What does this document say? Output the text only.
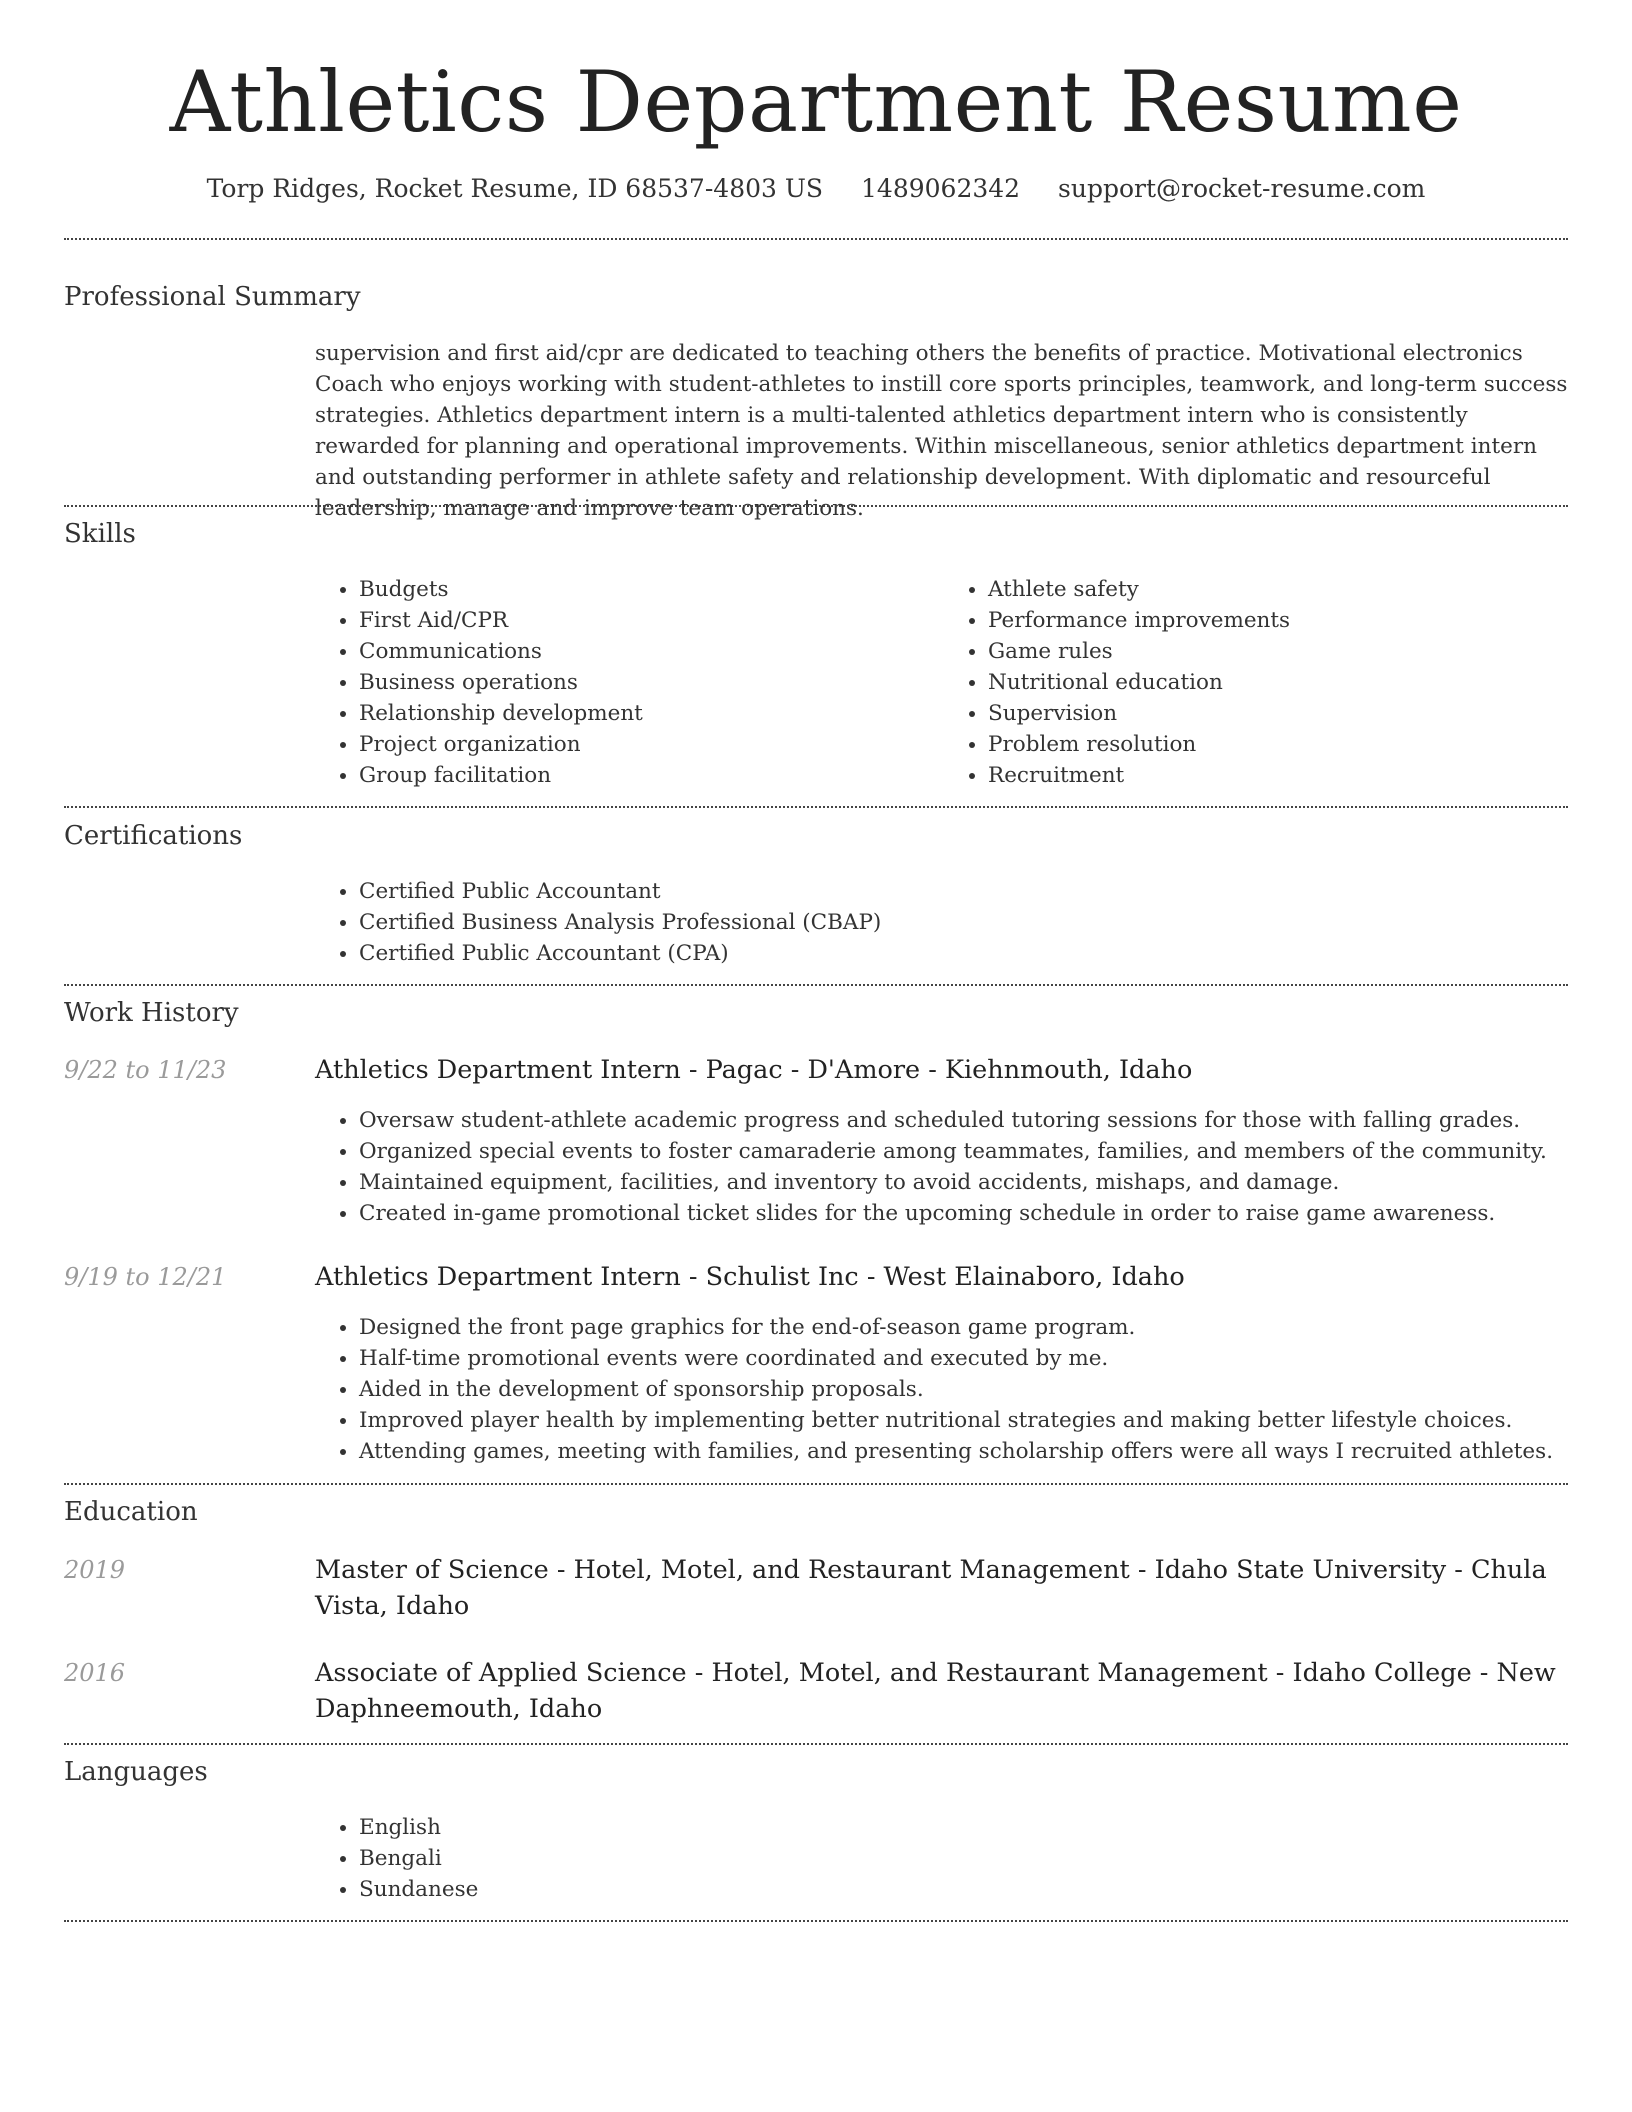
Athletics Department Resume
Torp Ridges, Rocket Resume, ID 68537-4803 US 1489062342 support@rocket-resume.com
Professional Summary

supervision and first aid/cpr are dedicated to teaching others the benefits of practice. Motivational electronics Coach who enjoys working with student-athletes to instill core sports principles, teamwork, and long-term success strategies. Athletics department intern is a multi-talented athletics department intern who is consistently rewarded for planning and operational improvements. Within miscellaneous, senior athletics department intern and outstanding performer in athlete safety and relationship development. With diplomatic and resourceful leadership, manage and improve team operations.

Skills
• Budgets
• First Aid/CPR
• Communications
• Business operations
• Relationship development
• Project organization
• Group facilitation
• Athlete safety
• Performance improvements
• Game rules
• Nutritional education
• Supervision
• Problem resolution
• Recruitment
Certifications
• Certified Public Accountant
• Certified Business Analysis Professional (CBAP)
• Certified Public Accountant (CPA)
Work History
9/22 to 11/23	Athletics Department Intern - Pagac - D'Amore - Kiehnmouth, Idaho
• Oversaw student-athlete academic progress and scheduled tutoring sessions for those with falling grades.
• Organized special events to foster camaraderie among teammates, families, and members of the community.
• Maintained equipment, facilities, and inventory to avoid accidents, mishaps, and damage.
• Created in-game promotional ticket slides for the upcoming schedule in order to raise game awareness.
9/19 to 12/21	Athletics Department Intern - Schulist Inc - West Elainaboro, Idaho
• Designed the front page graphics for the end-of-season game program.
• Half-time promotional events were coordinated and executed by me.
• Aided in the development of sponsorship proposals.
• Improved player health by implementing better nutritional strategies and making better lifestyle choices.
• Attending games, meeting with families, and presenting scholarship offers were all ways I recruited athletes.
Education
2019	Master of Science - Hotel, Motel, and Restaurant Management - Idaho State University - Chula Vista, Idaho
2016	Associate of Applied Science - Hotel, Motel, and Restaurant Management - Idaho College - New Daphneemouth, Idaho
Languages
• English
• Bengali
• Sundanese
